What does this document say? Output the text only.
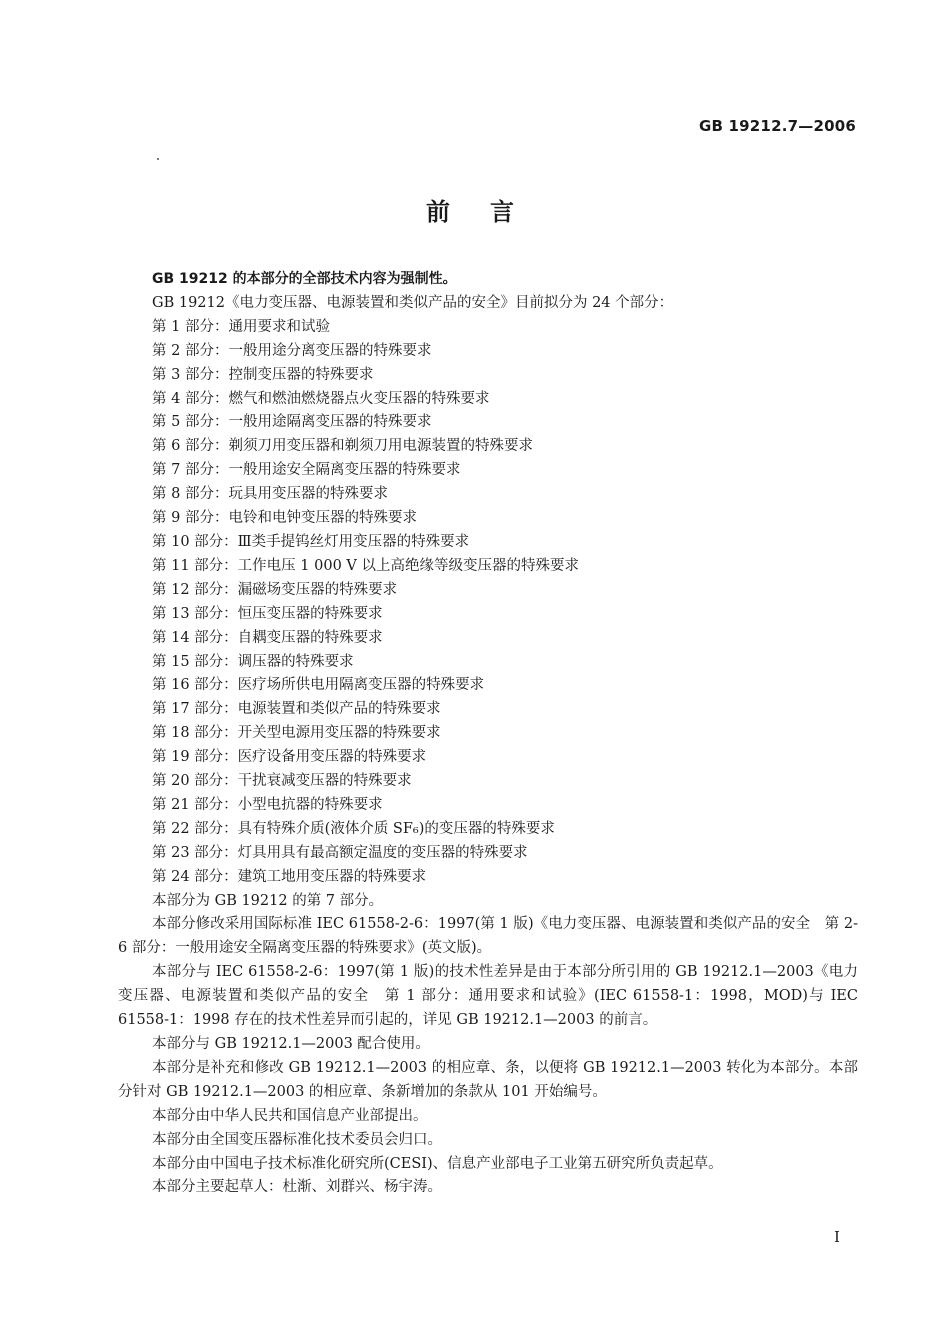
GB 19212.7—2006
前言

GB 19212 的本部分的全部技术内容为强制性。

GB 19212《电力变压器、电源装置和类似产品的安全》目前拟分为 24 个部分：

第 1 部分：通用要求和试验

第 2 部分：一般用途分离变压器的特殊要求

第 3 部分：控制变压器的特殊要求

第 4 部分：燃气和燃油燃烧器点火变压器的特殊要求

第 5 部分：一般用途隔离变压器的特殊要求

第 6 部分：剃须刀用变压器和剃须刀用电源装置的特殊要求

第 7 部分：一般用途安全隔离变压器的特殊要求

第 8 部分：玩具用变压器的特殊要求

第 9 部分：电铃和电钟变压器的特殊要求

第 10 部分：Ⅲ类手提钨丝灯用变压器的特殊要求

第 11 部分：工作电压 1 000 V 以上高绝缘等级变压器的特殊要求

第 12 部分：漏磁场变压器的特殊要求

第 13 部分：恒压变压器的特殊要求

第 14 部分：自耦变压器的特殊要求

第 15 部分：调压器的特殊要求

第 16 部分：医疗场所供电用隔离变压器的特殊要求

第 17 部分：电源装置和类似产品的特殊要求

第 18 部分：开关型电源用变压器的特殊要求

第 19 部分：医疗设备用变压器的特殊要求

第 20 部分：干扰衰减变压器的特殊要求

第 21 部分：小型电抗器的特殊要求

第 22 部分：具有特殊介质(液体介质 SF₆)的变压器的特殊要求

第 23 部分：灯具用具有最高额定温度的变压器的特殊要求

第 24 部分：建筑工地用变压器的特殊要求

本部分为 GB 19212 的第 7 部分。

本部分修改采用国际标准 IEC 61558-2-6：1997(第 1 版)《电力变压器、电源装置和类似产品的安全　第 2-6 部分：一般用途安全隔离变压器的特殊要求》(英文版)。

本部分与 IEC 61558-2-6：1997(第 1 版)的技术性差异是由于本部分所引用的 GB 19212.1—2003《电力变压器、电源装置和类似产品的安全　第 1 部分：通用要求和试验》(IEC 61558-1：1998，MOD)与 IEC 61558-1：1998 存在的技术性差异而引起的，详见 GB 19212.1—2003 的前言。

本部分与 GB 19212.1—2003 配合使用。

本部分是补充和修改 GB 19212.1—2003 的相应章、条，以便将 GB 19212.1—2003 转化为本部分。本部分针对 GB 19212.1—2003 的相应章、条新增加的条款从 101 开始编号。

本部分由中华人民共和国信息产业部提出。

本部分由全国变压器标准化技术委员会归口。

本部分由中国电子技术标准化研究所(CESI)、信息产业部电子工业第五研究所负责起草。

本部分主要起草人：杜渐、刘群兴、杨宇涛。

Ⅰ
